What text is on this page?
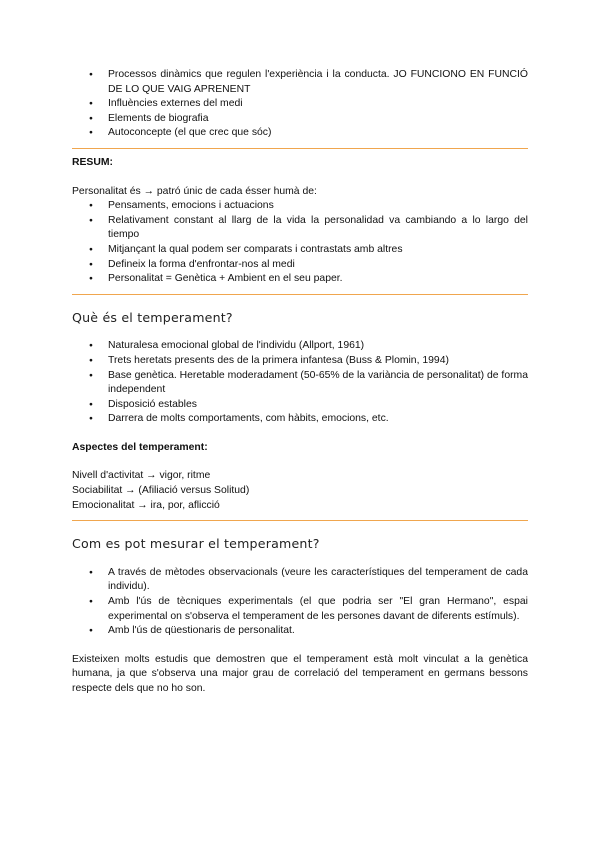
● Processos dinàmics que regulen l'experiència i la conducta. JO FUNCIONO EN FUNCIÓ DE LO QUE VAIG APRENENT
● Influències externes del medi
● Elements de biografia
● Autoconcepte (el que crec que sóc)

RESUM:

Personalitat és → patró únic de cada ésser humà de:

● Pensaments, emocions i actuacions
● Relativament constant al llarg de la vida la personalidad va cambiando a lo largo del tiempo
● Mitjançant la qual podem ser comparats i contrastats amb altres
● Defineix la forma d'enfrontar-nos al medi
● Personalitat = Genètica + Ambient en el seu paper.

Què és el temperament?

● Naturalesa emocional global de l'individu (Allport, 1961)
● Trets heretats presents des de la primera infantesa (Buss & Plomin, 1994)
● Base genètica. Heretable moderadament (50-65% de la variància de personalitat) de forma independent
● Disposició estables
● Darrera de molts comportaments, com hàbits, emocions, etc.

Aspectes del temperament:

Nivell d'activitat → vigor, ritme

Sociabilitat → (Afiliació versus Solitud)

Emocionalitat → ira, por, aflicció

Com es pot mesurar el temperament?

● A través de mètodes observacionals (veure les característiques del temperament de cada individu).
● Amb l'ús de tècniques experimentals (el que podria ser "El gran Hermano", espai experimental on s'observa el temperament de les persones davant de diferents estímuls).
● Amb l'ús de qüestionaris de personalitat.

Existeixen molts estudis que demostren que el temperament està molt vinculat a la genètica humana, ja que s'observa una major grau de correlació del temperament en germans bessons respecte dels que no ho son.
